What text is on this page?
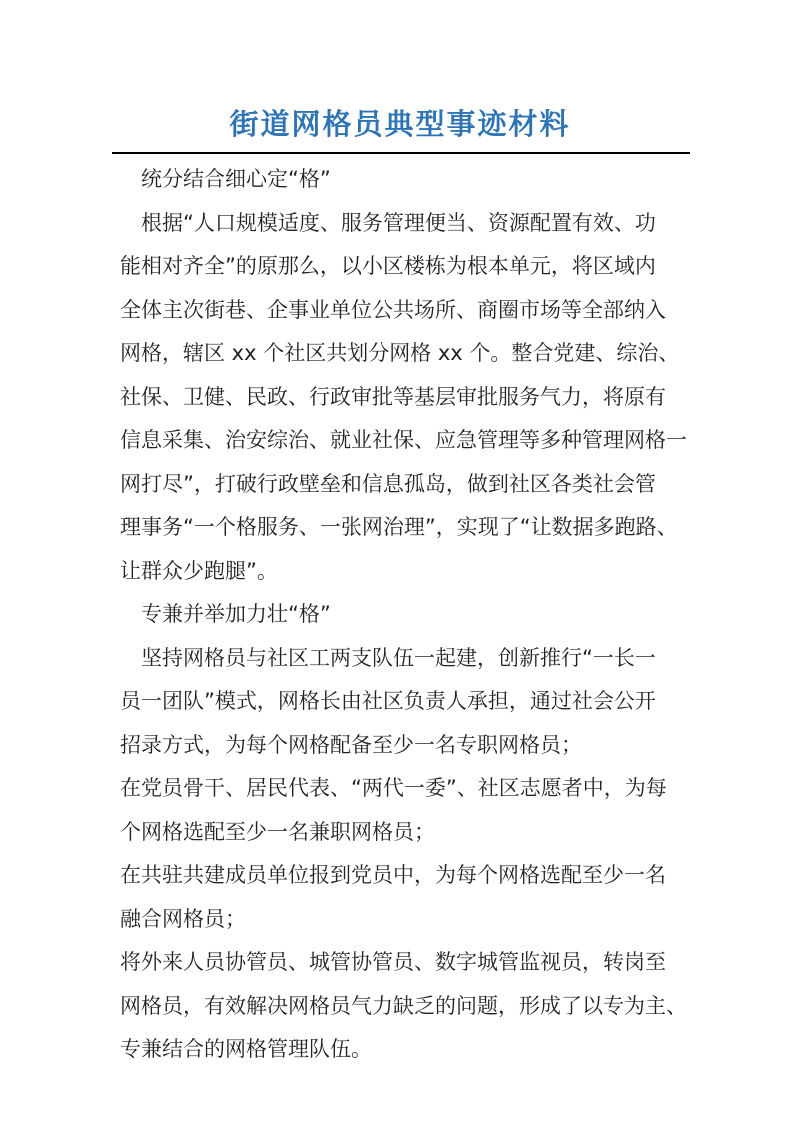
街道网格员典型事迹材料
统分结合细心定“格”
根据“人口规模适度、服务管理便当、资源配置有效、功
能相对齐全”的原那么，以小区楼栋为根本单元，将区域内
全体主次街巷、企事业单位公共场所、商圈市场等全部纳入
网格，辖区 xx 个社区共划分网格 xx 个。整合党建、综治、
社保、卫健、民政、行政审批等基层审批服务气力，将原有
信息采集、治安综治、就业社保、应急管理等多种管理网格一
网打尽”，打破行政壁垒和信息孤岛，做到社区各类社会管
理事务“一个格服务、一张网治理”，实现了“让数据多跑路、
让群众少跑腿”。
专兼并举加力壮“格”
坚持网格员与社区工两支队伍一起建，创新推行“一长一
员一团队”模式，网格长由社区负责人承担，通过社会公开
招录方式，为每个网格配备至少一名专职网格员；
在党员骨干、居民代表、“两代一委”、社区志愿者中，为每
个网格选配至少一名兼职网格员；
在共驻共建成员单位报到党员中，为每个网格选配至少一名
融合网格员；
将外来人员协管员、城管协管员、数字城管监视员，转岗至
网格员，有效解决网格员气力缺乏的问题，形成了以专为主、
专兼结合的网格管理队伍。
